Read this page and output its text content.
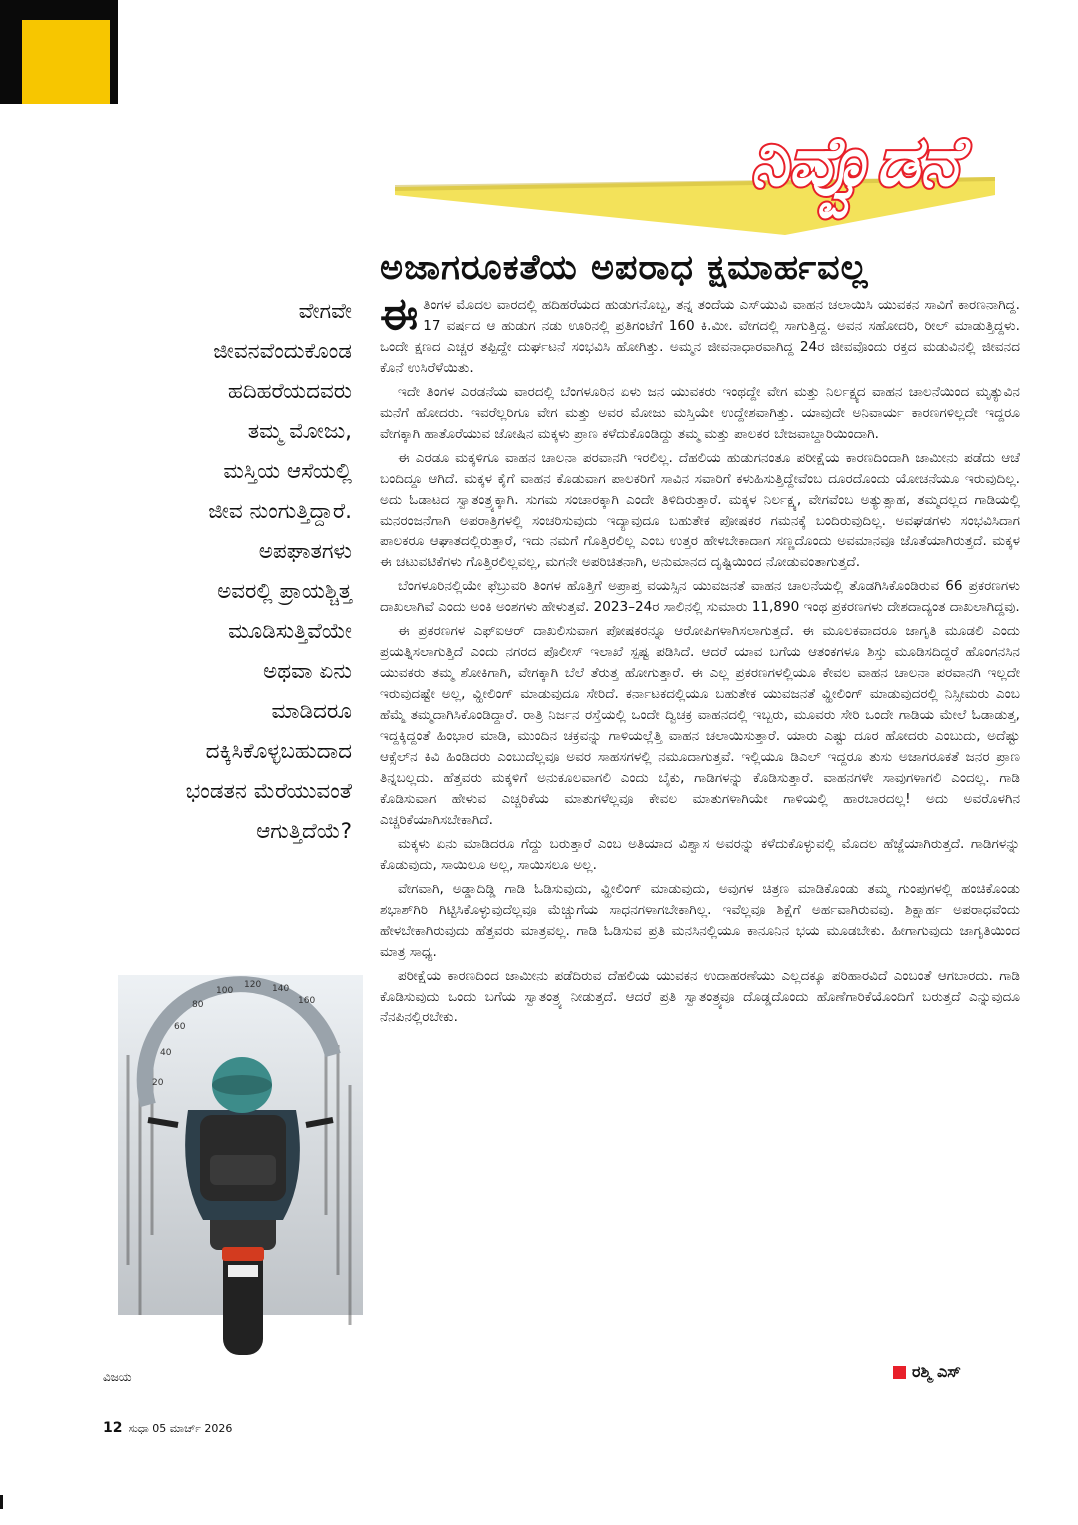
ನಿವ್ವೊಡನೆ
ಅಜಾಗರೂಕತೆಯ ಅಪರಾಧ ಕ್ಷಮಾರ್ಹವಲ್ಲ
ವೇಗವೇ
ಜೀವನವೆಂದುಕೊಂಡ
ಹದಿಹರೆಯದವರು
ತಮ್ಮ ಮೋಜು,
ಮಸ್ತಿಯ ಆಸೆಯಲ್ಲಿ
ಜೀವ ನುಂಗುತ್ತಿದ್ದಾರೆ.
ಅಪಘಾತಗಳು
ಅವರಲ್ಲಿ ಪ್ರಾಯಶ್ಚಿತ್ತ
ಮೂಡಿಸುತ್ತಿವೆಯೇ
ಅಥವಾ ಏನು
ಮಾಡಿದರೂ
ದಕ್ಕಿಸಿಕೊಳ್ಳಬಹುದಾದ
ಭಂಡತನ ಮೆರೆಯುವಂತೆ
ಆಗುತ್ತಿದೆಯೆ?

ಈತಿಂಗಳ ಮೊದಲ ವಾರದಲ್ಲಿ ಹದಿಹರೆಯದ ಹುಡುಗನೊಬ್ಬ, ತನ್ನ ತಂದೆಯ ಎಸ್‌ಯುವಿ ವಾಹನ ಚಲಾಯಿಸಿ ಯುವಕನ ಸಾವಿಗೆ ಕಾರಣನಾಗಿದ್ದ. 17 ವರ್ಷದ ಆ ಹುಡುಗ ನಡು ಊರಿನಲ್ಲಿ ಪ್ರತಿಗಂಟೆಗೆ 160 ಕಿ.ಮೀ. ವೇಗದಲ್ಲಿ ಸಾಗುತ್ತಿದ್ದ. ಅವನ ಸಹೋದರಿ, ರೀಲ್ ಮಾಡುತ್ತಿದ್ದಳು. ಒಂದೇ ಕ್ಷಣದ ಎಚ್ಚರ ತಪ್ಪಿದ್ದೇ ದುರ್ಘಟನೆ ಸಂಭವಿಸಿ ಹೋಗಿತ್ತು. ಅಮ್ಮನ ಜೀವನಾಧಾರವಾಗಿದ್ದ 24ರ ಜೀವವೊಂದು ರಕ್ತದ ಮಡುವಿನಲ್ಲಿ ಜೀವನದ ಕೊನೆ ಉಸಿರೆಳೆಯಿತು.

ಇದೇ ತಿಂಗಳ ಎರಡನೆಯ ವಾರದಲ್ಲಿ ಬೆಂಗಳೂರಿನ ಏಳು ಜನ ಯುವಕರು ಇಂಥದ್ದೇ ವೇಗ ಮತ್ತು ನಿರ್ಲಕ್ಷ್ಯದ ವಾಹನ ಚಾಲನೆಯಿಂದ ಮೃತ್ಯುವಿನ ಮನೆಗೆ ಹೋದರು. ಇವರೆಲ್ಲರಿಗೂ ವೇಗ ಮತ್ತು ಅವರ ಮೋಜು ಮಸ್ತಿಯೇ ಉದ್ದೇಶವಾಗಿತ್ತು. ಯಾವುದೇ ಅನಿವಾರ್ಯ ಕಾರಣಗಳಿಲ್ಲದೇ ಇದ್ದರೂ ವೇಗಕ್ಕಾಗಿ ಹಾತೊರೆಯುವ ಜೋಷಿನ ಮಕ್ಕಳು ಪ್ರಾಣ ಕಳೆದುಕೊಂಡಿದ್ದು ತಮ್ಮ ಮತ್ತು ಪಾಲಕರ ಬೇಜವಾಬ್ದಾರಿಯಿಂದಾಗಿ.

ಈ ಎರಡೂ ಮಕ್ಕಳಿಗೂ ವಾಹನ ಚಾಲನಾ ಪರವಾನಗಿ ಇರಲಿಲ್ಲ. ದೆಹಲಿಯ ಹುಡುಗನಂತೂ ಪರೀಕ್ಷೆಯ ಕಾರಣದಿಂದಾಗಿ ಜಾಮೀನು ಪಡೆದು ಆಚೆ ಬಂದಿದ್ದೂ ಆಗಿದೆ. ಮಕ್ಕಳ ಕೈಗೆ ವಾಹನ ಕೊಡುವಾಗ ಪಾಲಕರಿಗೆ ಸಾವಿನ ಸವಾರಿಗೆ ಕಳುಹಿಸುತ್ತಿದ್ದೇವೆಂಬ ದೂರದೊಂದು ಯೋಚನೆಯೂ ಇರುವುದಿಲ್ಲ. ಅದು ಓಡಾಟದ ಸ್ವಾತಂತ್ರ್ಯಕ್ಕಾಗಿ. ಸುಗಮ ಸಂಚಾರಕ್ಕಾಗಿ ಎಂದೇ ತಿಳಿದಿರುತ್ತಾರೆ. ಮಕ್ಕಳ ನಿರ್ಲಕ್ಷ್ಯ, ವೇಗವೆಂಬ ಅತ್ಯುತ್ಸಾಹ, ತಮ್ಮದಲ್ಲದ ಗಾಡಿಯಲ್ಲಿ ಮನರಂಜನೆಗಾಗಿ ಅಪರಾತ್ರಿಗಳಲ್ಲಿ ಸಂಚರಿಸುವುದು ಇದ್ಯಾವುದೂ ಬಹುತೇಕ ಪೋಷಕರ ಗಮನಕ್ಕೆ ಬಂದಿರುವುದಿಲ್ಲ. ಅವಘಡಗಳು ಸಂಭವಿಸಿದಾಗ ಪಾಲಕರೂ ಆಘಾತದಲ್ಲಿರುತ್ತಾರೆ, ಇದು ನಮಗೆ ಗೊತ್ತಿರಲಿಲ್ಲ ಎಂಬ ಉತ್ತರ ಹೇಳಬೇಕಾದಾಗ ಸಣ್ಣದೊಂದು ಅವಮಾನವೂ ಜೊತೆಯಾಗಿರುತ್ತದೆ. ಮಕ್ಕಳ ಈ ಚಟುವಟಿಕೆಗಳು ಗೊತ್ತಿರಲಿಲ್ಲವಲ್ಲ, ಮಗನೇ ಅಪರಿಚಿತನಾಗಿ, ಅನುಮಾನದ ದೃಷ್ಟಿಯಿಂದ ನೋಡುವಂತಾಗುತ್ತದೆ.

ಬೆಂಗಳೂರಿನಲ್ಲಿಯೇ ಫೆಬ್ರುವರಿ ತಿಂಗಳ ಹೊತ್ತಿಗೆ ಅಪ್ರಾಪ್ತ ವಯಸ್ಸಿನ ಯುವಜನತೆ ವಾಹನ ಚಾಲನೆಯಲ್ಲಿ ತೊಡಗಿಸಿಕೊಂಡಿರುವ 66 ಪ್ರಕರಣಗಳು ದಾಖಲಾಗಿವೆ ಎಂದು ಅಂಕಿ ಅಂಶಗಳು ಹೇಳುತ್ತವೆ. 2023–24ರ ಸಾಲಿನಲ್ಲಿ ಸುಮಾರು 11,890 ಇಂಥ ಪ್ರಕರಣಗಳು ದೇಶದಾದ್ಯಂತ ದಾಖಲಾಗಿದ್ದವು.

ಈ ಪ್ರಕರಣಗಳ ಎಫ್‌ಐಆರ್ ದಾಖಲಿಸುವಾಗ ಪೋಷಕರನ್ನೂ ಆರೋಪಿಗಳಾಗಿಸಲಾಗುತ್ತದೆ. ಈ ಮೂಲಕವಾದರೂ ಜಾಗೃತಿ ಮೂಡಲಿ ಎಂದು ಪ್ರಯತ್ನಿಸಲಾಗುತ್ತಿದೆ ಎಂದು ನಗರದ ಪೊಲೀಸ್ ಇಲಾಖೆ ಸ್ಪಷ್ಟ ಪಡಿಸಿದೆ. ಆದರೆ ಯಾವ ಬಗೆಯ ಆತಂಕಗಳೂ ಶಿಸ್ತು ಮೂಡಿಸದಿದ್ದರೆ ಹೊಂಗನಸಿನ ಯುವಕರು ತಮ್ಮ ಶೋಕಿಗಾಗಿ, ವೇಗಕ್ಕಾಗಿ ಬೆಲೆ ತೆರುತ್ತ ಹೋಗುತ್ತಾರೆ. ಈ ಎಲ್ಲ ಪ್ರಕರಣಗಳಲ್ಲಿಯೂ ಕೇವಲ ವಾಹನ ಚಾಲನಾ ಪರವಾನಗಿ ಇಲ್ಲದೇ ಇರುವುದಷ್ಟೇ ಅಲ್ಲ, ವ್ಹೀಲಿಂಗ್ ಮಾಡುವುದೂ ಸೇರಿದೆ. ಕರ್ನಾಟಕದಲ್ಲಿಯೂ ಬಹುತೇಕ ಯುವಜನತೆ ವ್ಹೀಲಿಂಗ್ ಮಾಡುವುದರಲ್ಲಿ ನಿಸ್ಸೀಮರು ಎಂಬ ಹೆಮ್ಮೆ ತಮ್ಮದಾಗಿಸಿಕೊಂಡಿದ್ದಾರೆ. ರಾತ್ರಿ ನಿರ್ಜನ ರಸ್ತೆಯಲ್ಲಿ ಒಂದೇ ದ್ವಿಚಕ್ರ ವಾಹನದಲ್ಲಿ ಇಬ್ಬರು, ಮೂವರು ಸೇರಿ ಒಂದೇ ಗಾಡಿಯ ಮೇಲೆ ಓಡಾಡುತ್ತ, ಇದ್ದಕ್ಕಿದ್ದಂತೆ ಹಿಂಭಾರ ಮಾಡಿ, ಮುಂದಿನ ಚಕ್ರವನ್ನು ಗಾಳಿಯಲ್ಲೆತ್ತಿ ವಾಹನ ಚಲಾಯಿಸುತ್ತಾರೆ. ಯಾರು ಎಷ್ಟು ದೂರ ಹೋದರು ಎಂಬುದು, ಅದೆಷ್ಟು ಆಕ್ಸೆಲ್‌ನ ಕಿವಿ ಹಿಂಡಿದರು ಎಂಬುದೆಲ್ಲವೂ ಅವರ ಸಾಹಸಗಳಲ್ಲಿ ನಮೂದಾಗುತ್ತವೆ. ಇಲ್ಲಿಯೂ ಡಿಎಲ್ ಇದ್ದರೂ ತುಸು ಅಜಾಗರೂಕತೆ ಜನರ ಪ್ರಾಣ ತಿನ್ನಬಲ್ಲದು. ಹೆತ್ತವರು ಮಕ್ಕಳಿಗೆ ಅನುಕೂಲವಾಗಲಿ ಎಂದು ಬೈಕು, ಗಾಡಿಗಳನ್ನು ಕೊಡಿಸುತ್ತಾರೆ. ವಾಹನಗಳೇ ಸಾವುಗಳಾಗಲಿ ಎಂದಲ್ಲ. ಗಾಡಿ ಕೊಡಿಸುವಾಗ ಹೇಳುವ ಎಚ್ಚರಿಕೆಯ ಮಾತುಗಳೆಲ್ಲವೂ ಕೇವಲ ಮಾತುಗಳಾಗಿಯೇ ಗಾಳಿಯಲ್ಲಿ ಹಾರಬಾರದಲ್ಲ! ಅದು ಅವರೊಳಗಿನ ಎಚ್ಚರಿಕೆಯಾಗಿಸಬೇಕಾಗಿದೆ.

ಮಕ್ಕಳು ಏನು ಮಾಡಿದರೂ ಗೆದ್ದು ಬರುತ್ತಾರೆ ಎಂಬ ಅತಿಯಾದ ವಿಶ್ವಾಸ ಅವರನ್ನು ಕಳೆದುಕೊಳ್ಳುವಲ್ಲಿ ಮೊದಲ ಹೆಜ್ಜೆಯಾಗಿರುತ್ತದೆ. ಗಾಡಿಗಳನ್ನು ಕೊಡುವುದು, ಸಾಯಿಲೂ ಅಲ್ಲ, ಸಾಯಿಸಲೂ ಅಲ್ಲ.

ವೇಗವಾಗಿ, ಅಡ್ಡಾದಿಡ್ಡಿ ಗಾಡಿ ಓಡಿಸುವುದು, ವ್ಹೀಲಿಂಗ್ ಮಾಡುವುದು, ಅವುಗಳ ಚಿತ್ರಣ ಮಾಡಿಕೊಂಡು ತಮ್ಮ ಗುಂಪುಗಳಲ್ಲಿ ಹಂಚಿಕೊಂಡು ಶಭಾಶ್‌ಗಿರಿ ಗಿಟ್ಟಿಸಿಕೊಳ್ಳುವುದೆಲ್ಲವೂ ಮೆಚ್ಚುಗೆಯ ಸಾಧನಗಳಾಗಬೇಕಾಗಿಲ್ಲ. ಇವೆಲ್ಲವೂ ಶಿಕ್ಷೆಗೆ ಅರ್ಹವಾಗಿರುವವು. ಶಿಕ್ಷಾರ್ಹ ಅಪರಾಧವೆಂದು ಹೇಳಬೇಕಾಗಿರುವುದು ಹೆತ್ತವರು ಮಾತ್ರವಲ್ಲ. ಗಾಡಿ ಓಡಿಸುವ ಪ್ರತಿ ಮನಸಿನಲ್ಲಿಯೂ ಕಾನೂನಿನ ಭಯ ಮೂಡಬೇಕು. ಹೀಗಾಗುವುದು ಜಾಗೃತಿಯಿಂದ ಮಾತ್ರ ಸಾಧ್ಯ.

ಪರೀಕ್ಷೆಯ ಕಾರಣದಿಂದ ಜಾಮೀನು ಪಡೆದಿರುವ ದೆಹಲಿಯ ಯುವಕನ ಉದಾಹರಣೆಯು ಎಲ್ಲದಕ್ಕೂ ಪರಿಹಾರವಿದೆ ಎಂಬಂತೆ ಆಗಬಾರದು. ಗಾಡಿ ಕೊಡಿಸುವುದು ಒಂದು ಬಗೆಯ ಸ್ವಾತಂತ್ರ್ಯ ನೀಡುತ್ತದೆ. ಆದರೆ ಪ್ರತಿ ಸ್ವಾತಂತ್ರ್ಯವೂ ದೊಡ್ಡದೊಂದು ಹೊಣೆಗಾರಿಕೆಯೊಂದಿಗೆ ಬರುತ್ತದೆ ಎನ್ನುವುದೂ ನೆನಪಿನಲ್ಲಿರಬೇಕು.

20
40
60
80
100
120 140
160
ವಿಜಯ	ರಶ್ಮಿ ಎಸ್
12 ಸುಧಾ 05 ಮಾರ್ಚ್ 2026
